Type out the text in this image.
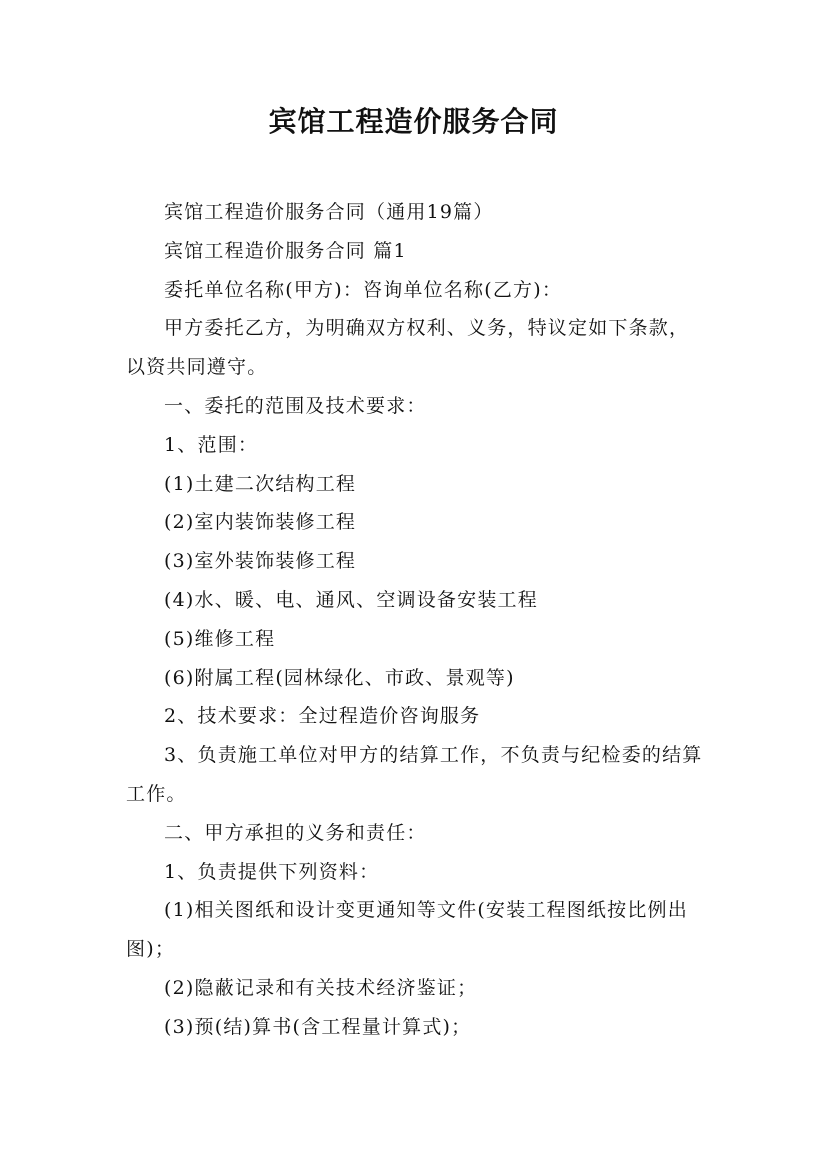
宾馆工程造价服务合同

宾馆工程造价服务合同（通用19篇）

宾馆工程造价服务合同 篇1

委托单位名称(甲方)：咨询单位名称(乙方)：

甲方委托乙方，为明确双方权利、义务，特议定如下条款，以资共同遵守。

一、委托的范围及技术要求：

1、范围：

(1)土建二次结构工程

(2)室内装饰装修工程

(3)室外装饰装修工程

(4)水、暖、电、通风、空调设备安装工程

(5)维修工程

(6)附属工程(园林绿化、市政、景观等)

2、技术要求：全过程造价咨询服务

3、负责施工单位对甲方的结算工作，不负责与纪检委的结算工作。

二、甲方承担的义务和责任：

1、负责提供下列资料：

(1)相关图纸和设计变更通知等文件(安装工程图纸按比例出图)；

(2)隐蔽记录和有关技术经济鉴证；

(3)预(结)算书(含工程量计算式)；
